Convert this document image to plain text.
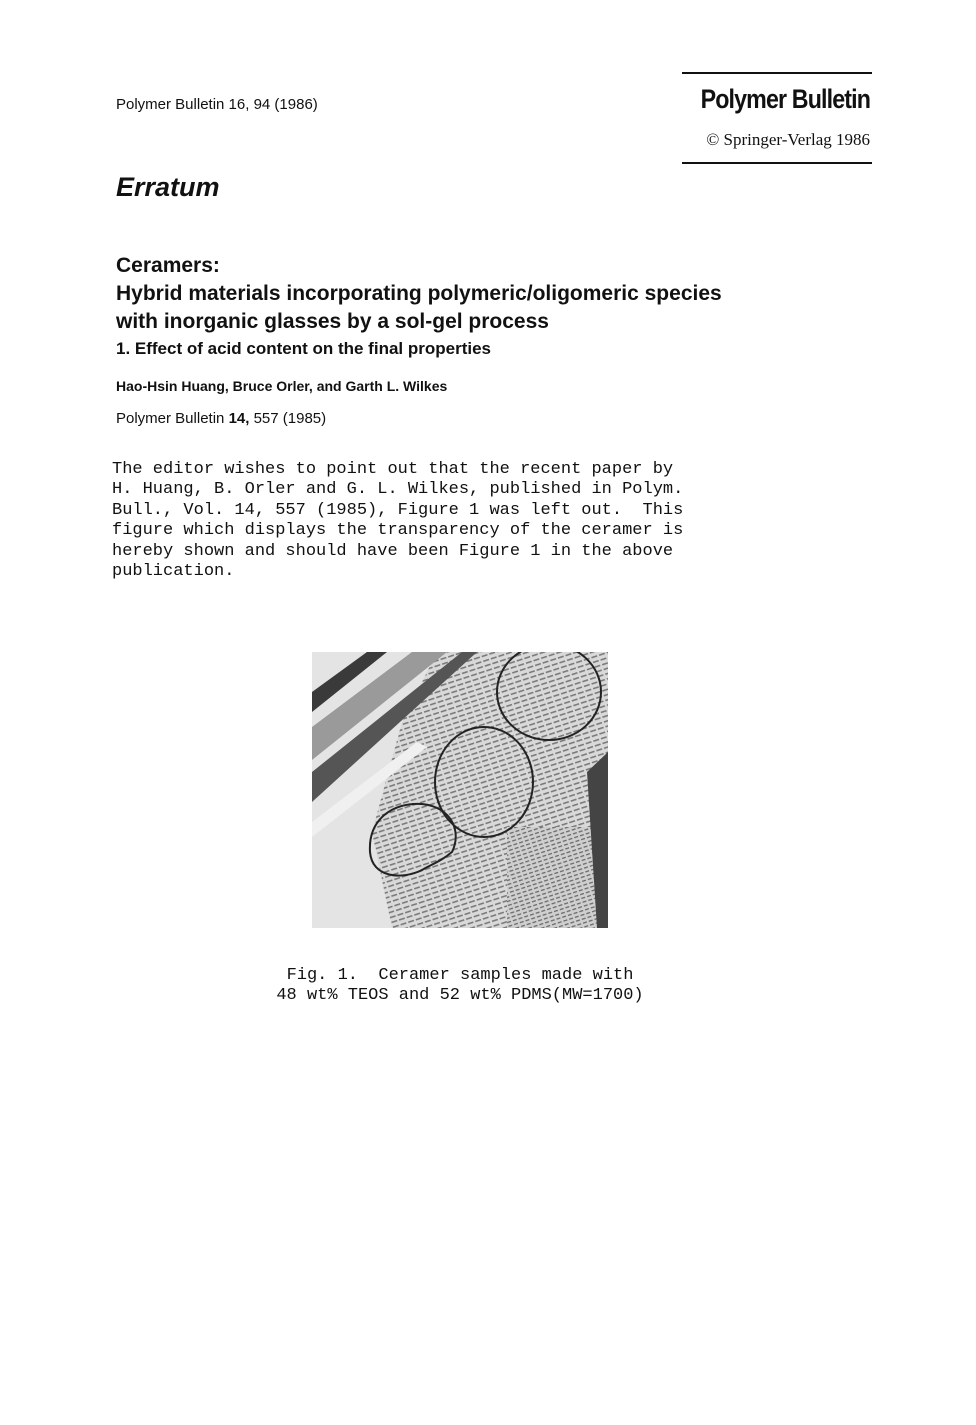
Polymer Bulletin 16, 94 (1986)	Polymer Bulletin
© Springer-Verlag 1986
Erratum
Ceramers:
Hybrid materials incorporating polymeric/oligomeric species
with inorganic glasses by a sol-gel process
1. Effect of acid content on the final properties
Hao-Hsin Huang, Bruce Orler, and Garth L. Wilkes
Polymer Bulletin 14, 557 (1985)
The editor wishes to point out that the recent paper by
H. Huang, B. Orler and G. L. Wilkes, published in Polym.
Bull., Vol. 14, 557 (1985), Figure 1 was left out.  This
figure which displays the transparency of the ceramer is
hereby shown and should have been Figure 1 in the above
publication.
Fig. 1.  Ceramer samples made with
48 wt% TEOS and 52 wt% PDMS(MW=1700)
